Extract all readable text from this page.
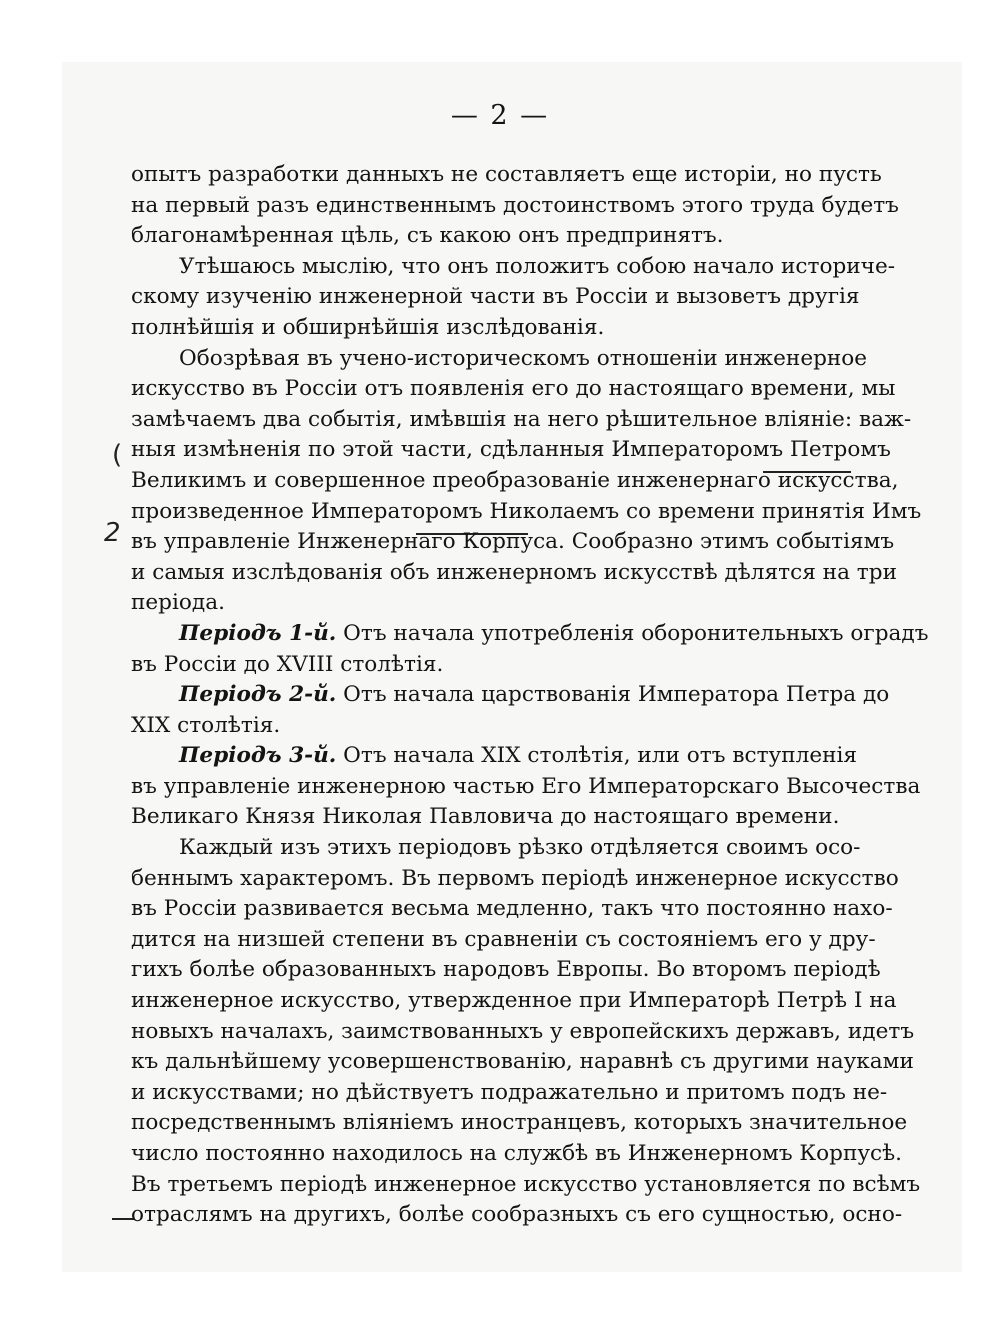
— 2 —
(
2
опытъ разработки данныхъ не составляетъ еще исторіи, но пусть
на первый разъ единственнымъ достоинствомъ этого труда будетъ
благонамѣренная цѣль, съ какою онъ предпринятъ.
Утѣшаюсь мыслію, что онъ положитъ собою начало историче-
скому изученію инженерной части въ Россіи и вызоветъ другія
полнѣйшія и обширнѣйшія изслѣдованія.
Обозрѣвая въ учено-историческомъ отношеніи инженерное
искусство въ Россіи отъ появленія его до настоящаго времени, мы
замѣчаемъ два событія, имѣвшія на него рѣшительное вліяніе: важ-
ныя измѣненія по этой части, сдѣланныя Императоромъ Петромъ
Великимъ и совершенное преобразованіе инженернаго искусства,
произведенное Императоромъ Николаемъ со времени принятія Имъ
въ управленіе Инженернаго Корпуса. Сообразно этимъ событіямъ
и самыя изслѣдованія объ инженерномъ искусствѣ дѣлятся на три
періода.
Періодъ 1-й. Отъ начала употребленія оборонительныхъ оградъ
въ Россіи до XVIII столѣтія.
Періодъ 2-й. Отъ начала царствованія Императора Петра до
XIX столѣтія.
Періодъ 3-й. Отъ начала XIX столѣтія, или отъ вступленія
въ управленіе инженерною частью Его Императорскаго Высочества
Великаго Князя Николая Павловича до настоящаго времени.
Каждый изъ этихъ періодовъ рѣзко отдѣляется своимъ осо-
беннымъ характеромъ. Въ первомъ періодѣ инженерное искусство
въ Россіи развивается весьма медленно, такъ что постоянно нахо-
дится на низшей степени въ сравненіи съ состояніемъ его у дру-
гихъ болѣе образованныхъ народовъ Европы. Во второмъ періодѣ
инженерное искусство, утвержденное при Императорѣ Петрѣ I на
новыхъ началахъ, заимствованныхъ у европейскихъ державъ, идетъ
къ дальнѣйшему усовершенствованію, наравнѣ съ другими науками
и искусствами; но дѣйствуетъ подражательно и притомъ подъ не-
посредственнымъ вліяніемъ иностранцевъ, которыхъ значительное
число постоянно находилось на службѣ въ Инженерномъ Корпусѣ.
Въ третьемъ періодѣ инженерное искусство установляется по всѣмъ
отраслямъ на другихъ, болѣе сообразныхъ съ его сущностью, осно-
